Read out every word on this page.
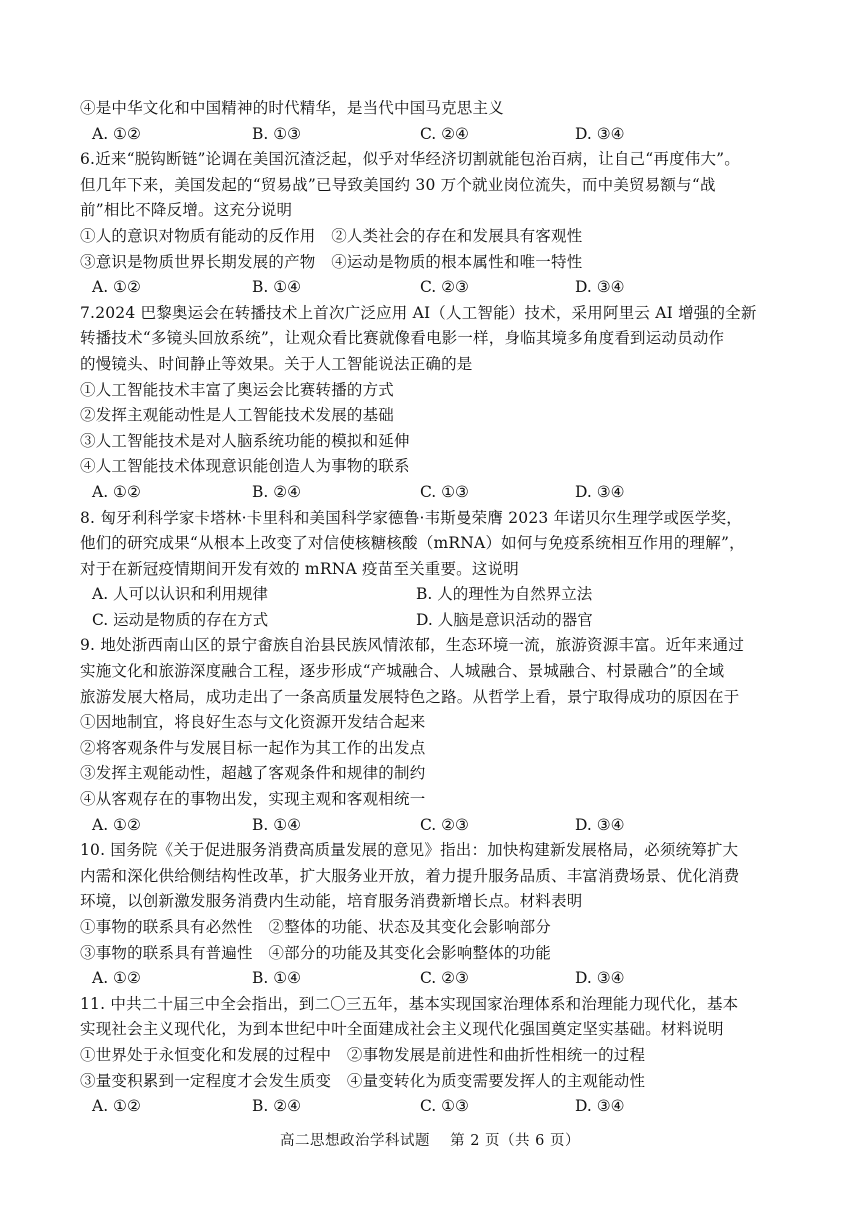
④是中华文化和中国精神的时代精华，是当代中国马克思主义
A. ①②	B. ①③	C. ②④	D. ③④
6.近来“脱钩断链”论调在美国沉渣泛起，似乎对华经济切割就能包治百病，让自己“再度伟大”。
但几年下来，美国发起的“贸易战”已导致美国约 30 万个就业岗位流失，而中美贸易额与“战
前”相比不降反增。这充分说明
①人的意识对物质有能动的反作用　②人类社会的存在和发展具有客观性
③意识是物质世界长期发展的产物　④运动是物质的根本属性和唯一特性
A. ①②	B. ①④	C. ②③	D. ③④
7.2024 巴黎奥运会在转播技术上首次广泛应用 AI（人工智能）技术，采用阿里云 AI 增强的全新
转播技术“多镜头回放系统”，让观众看比赛就像看电影一样，身临其境多角度看到运动员动作
的慢镜头、时间静止等效果。关于人工智能说法正确的是
①人工智能技术丰富了奥运会比赛转播的方式
②发挥主观能动性是人工智能技术发展的基础
③人工智能技术是对人脑系统功能的模拟和延伸
④人工智能技术体现意识能创造人为事物的联系
A. ①②	B. ②④	C. ①③	D. ③④
8. 匈牙利科学家卡塔林·卡里科和美国科学家德鲁·韦斯曼荣膺 2023 年诺贝尔生理学或医学奖，
他们的研究成果“从根本上改变了对信使核糖核酸（mRNA）如何与免疫系统相互作用的理解”，
对于在新冠疫情期间开发有效的 mRNA 疫苗至关重要。这说明
A. 人可以认识和利用规律	B. 人的理性为自然界立法
C. 运动是物质的存在方式	D. 人脑是意识活动的器官
9. 地处浙西南山区的景宁畲族自治县民族风情浓郁，生态环境一流，旅游资源丰富。近年来通过
实施文化和旅游深度融合工程，逐步形成“产城融合、人城融合、景城融合、村景融合”的全域
旅游发展大格局，成功走出了一条高质量发展特色之路。从哲学上看，景宁取得成功的原因在于
①因地制宜，将良好生态与文化资源开发结合起来
②将客观条件与发展目标一起作为其工作的出发点
③发挥主观能动性，超越了客观条件和规律的制约
④从客观存在的事物出发，实现主观和客观相统一
A. ①②	B. ①④	C. ②③	D. ③④
10. 国务院《关于促进服务消费高质量发展的意见》指出：加快构建新发展格局，必须统筹扩大
内需和深化供给侧结构性改革，扩大服务业开放，着力提升服务品质、丰富消费场景、优化消费
环境，以创新激发服务消费内生动能，培育服务消费新增长点。材料表明
①事物的联系具有必然性　②整体的功能、状态及其变化会影响部分
③事物的联系具有普遍性　④部分的功能及其变化会影响整体的功能
A. ①②	B. ①④	C. ②③	D. ③④
11. 中共二十届三中全会指出，到二〇三五年，基本实现国家治理体系和治理能力现代化，基本
实现社会主义现代化，为到本世纪中叶全面建成社会主义现代化强国奠定坚实基础。材料说明
①世界处于永恒变化和发展的过程中　②事物发展是前进性和曲折性相统一的过程
③量变积累到一定程度才会发生质变　④量变转化为质变需要发挥人的主观能动性
A. ①②	B. ②④	C. ①③	D. ③④
高二思想政治学科试题　 第 2 页（共 6 页）
